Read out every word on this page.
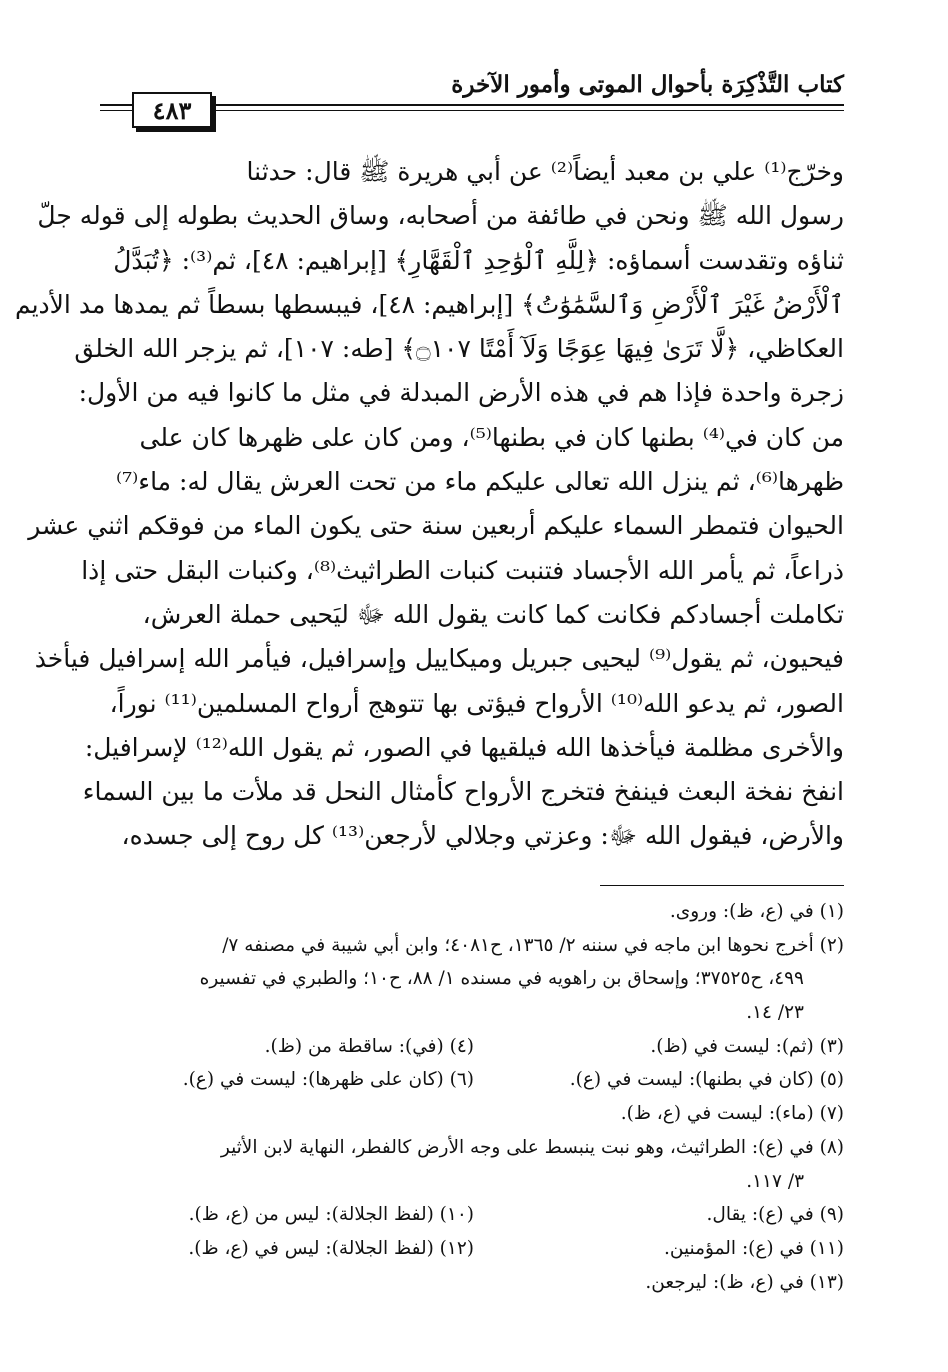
كتاب التَّذْكِرَة بأحوال الموتى وأمور الآخرة
٤٨٣
وخرّج⁽¹⁾ علي بن معبد أيضاً⁽²⁾ عن أبي هريرة ﷺ قال: حدثنا
رسول الله ﷺ ونحن في طائفة من أصحابه، وساق الحديث بطوله إلى قوله جلّ
ثناؤه وتقدست أسماؤه: ﴿لِلَّهِ ٱلْوَٰحِدِ ٱلْقَهَّارِ﴾ [إبراهيم: ٤٨]، ثم⁽³⁾: ﴿تُبَدَّلُ
ٱلْأَرْضُ غَيْرَ ٱلْأَرْضِ وَٱلسَّمَٰوَٰتُ﴾ [إبراهيم: ٤٨]، فيبسطها بسطاً ثم يمدها مد الأديم
العكاظي، ﴿لَّا تَرَىٰ فِيهَا عِوَجًا وَلَآ أَمْتًا ۝١٠٧﴾ [طه: ١٠٧]، ثم يزجر الله الخلق
زجرة واحدة فإذا هم في هذه الأرض المبدلة في مثل ما كانوا فيه من الأول:
من كان في⁽⁴⁾ بطنها كان في بطنها⁽⁵⁾، ومن كان على ظهرها كان على
ظهرها⁽⁶⁾، ثم ينزل الله تعالى عليكم ماء من تحت العرش يقال له: ماء⁽⁷⁾
الحيوان فتمطر السماء عليكم أربعين سنة حتى يكون الماء من فوقكم اثني عشر
ذراعاً، ثم يأمر الله الأجساد فتنبت كنبات الطراثيث⁽⁸⁾، وكنبات البقل حتى إذا
تكاملت أجسادكم فكانت كما كانت يقول الله ﷻ ليَحيى حملة العرش،
فيحيون، ثم يقول⁽⁹⁾ ليحيى جبريل وميكاييل وإسرافيل، فيأمر الله إسرافيل فيأخذ
الصور، ثم يدعو الله⁽¹⁰⁾ الأرواح فيؤتى بها تتوهج أرواح المسلمين⁽¹¹⁾ نوراً،
والأخرى مظلمة فيأخذها الله فيلقيها في الصور، ثم يقول الله⁽¹²⁾ لإسرافيل:
انفخ نفخة البعث فينفخ فتخرج الأرواح كأمثال النحل قد ملأت ما بين السماء
والأرض، فيقول الله ﷻ: وعزتي وجلالي لأرجعن⁽¹³⁾ كل روح إلى جسده،
(١) في (ع، ظ): وروى.
(٢) أخرج نحوها ابن ماجه في سننه ٢/ ١٣٦٥، ح٤٠٨١؛ وابن أبي شيبة في مصنفه ٧/
٤٩٩، ح٣٧٥٢٥؛ وإسحاق بن راهويه في مسنده ١/ ٨٨، ح١٠؛ والطبري في تفسيره
٢٣/ ١٤.
(٣) (ثم): ليست في (ظ).
(٤) (في): ساقطة من (ظ).
(٥) (كان في بطنها): ليست في (ع).
(٦) (كان على ظهرها): ليست في (ع).
(٧) (ماء): ليست في (ع، ظ).
(٨) في (ع): الطراثيث، وهو نبت ينبسط على وجه الأرض كالفطر، النهاية لابن الأثير
٣/ ١١٧.
(٩) في (ع): يقال.
(١٠) (لفظ الجلالة): ليس من (ع، ظ).
(١١) في (ع): المؤمنين.
(١٢) (لفظ الجلالة): ليس في (ع، ظ).
(١٣) في (ع، ظ): ليرجعن.
